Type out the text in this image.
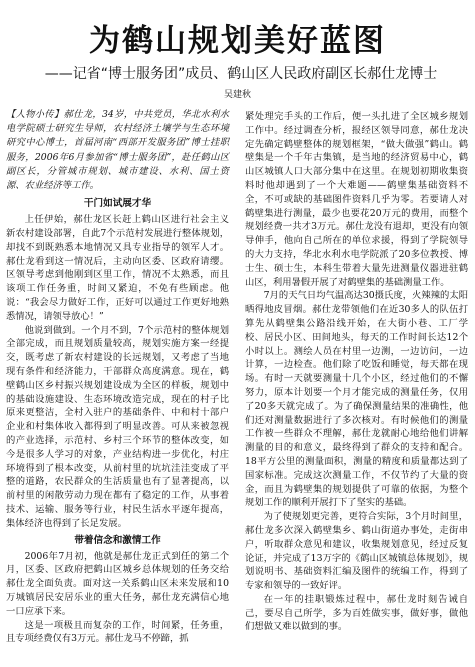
为鹤山规划美好蓝图
——记省“博士服务团”成员、鹤山区人民政府副区长郝仕龙博士
吴建秋

【人物小传】郝仕龙，34岁，中共党员，华北水利水电学院硕士研究生导师，农村经济土壤学与生态环境研究中心博士，首届河南“西部开发服务团”博士挂职服务，2006年6月参加省“博士服务团”，赴任鹤山区副区长，分管城市规划、城市建设、水利、国土资源、农业经济等工作。

干门如试展才华

上任伊始，郝仕龙区长赶上鹤山区进行社会主义新农村建设部署，自此7个示范村发展进行整体规划，却找不到既熟悉本地情况又具专业指导的领军人才。郝仕龙看到这一情况后，主动向区委、区政府请缨。区领导考虑到他刚到区里工作，情况不太熟悉，而且该项工作任务重，时间又紧迫，不免有些顾虑。他说：“我会尽力做好工作，正好可以通过工作更好地熟悉情况，请领导放心！”

他说到做到。一个月不到，7个示范村的整体规划全部完成，而且规划质量较高，规划实施方案一经提交，既考虑了新农村建设的长远规划，又考虑了当地现有条件和经济能力，干部群众高度满意。现在，鹤壁鹤山区乡村振兴规划建设成为全区的样板，规划中的基础设施建设、生态环境改造完成，现在的村子比原来更整洁，全村入驻户的基础条件、中和村十部户企业和村集体收入都得到了明显改善。可从来被忽视的产业选择，示范村、乡村三个环节的整体改变，如今是很多人学习的对象，产业结构进一步优化，村庄环境得到了根本改变，从前村里的坑坑洼洼变成了平整的道路，农民群众的生活质量也有了显著提高，以前村里的闲散劳动力现在都有了稳定的工作，从事着技术、运输、服务等行业，村民生活水平逐年提高，集体经济也得到了长足发展。

带着信念和激情工作

2006年7月初，他就是郝仕龙正式到任的第二个月，区委、区政府把鹤山区城乡总体规划的任务交给郝仕龙全面负责。面对这一关系鹤山区未来发展和10万城镇居民安居乐业的重大任务，郝仕龙充满信心地一口应承下来。

这是一项极且而复杂的工作，时间紧，任务重，且专项经费仅有3万元。郝仕龙马不停蹄，抓

紧处理完手头的工作后，便一头扎进了全区城乡规划工作中。经过调查分析，报经区领导同意，郝仕龙决定先确定鹤壁整体的规划框架，“做大做强”鹤山。鹤壁集是一个千年古集镇，是当地的经济贸易中心，鹤山区城镇人口大部分集中在这里。在规划初期收集资料时他却遇到了一个大难题——鹤壁集基础资料不全，不可或缺的基础图件资料几乎为零。若要请人对鹤壁集进行测量，最少也要花20万元的费用，而整个规划经费一共才3万元。郝仕龙没有退却，更没有向领导伸手，他向自己所在的单位求援，得到了学院领导的大力支持，华北水利水电学院派了20多位教授、博士生、硕士生，本科生带着大量先进测量仪器进驻鹤山区，利用暑假开展了对鹤壁集的基础测量工作。

7月的天气日均气温高达30摄氏度，火辣辣的太阳晒得地皮冒烟。郝仕龙带领他们在近30多人的队伍打算先从鹤壁集公路沿线开始，在大街小巷、工厂学校、居民小区、田间地头，每天的工作时间长达12个小时以上。测绘人员在村里一边测，一边访问，一边计算，一边检查。他们除了吃饭和睡觉，每天都在现场。有时一天就要测量十几个小区，经过他们的不懈努力，原本计划要一个月才能完成的测量任务，仅用了20多天就完成了。为了确保测量结果的准确性，他们还对测量数据进行了多次核对。有时候他们的测量工作被一些群众不理解，郝仕龙就耐心地给他们讲解测量的目的和意义，最终得到了群众的支持和配合。18平方公里的测量面积，测量的精度和质量都达到了国家标准。完成这次测量工作，不仅节约了大量的资金，而且为鹤壁集的规划提供了可靠的依据，为整个规划工作的顺利开展打下了坚实的基础。

为了使规划更完善，更符合实际，3个月时间里，郝仕龙多次深入鹤壁集乡、鹤山街道办事处，走街串户，听取群众意见和建议，收集规划意见，经过反复论证，并完成了13万字的《鹤山区城镇总体规划》，规划说明书、基础资料汇编及图件的统编工作，得到了专家和领导的一致好评。

在一年的挂职锻炼过程中，郝仕龙时刻告诫自己，要尽自己所学，多为百姓做实事，做好事，做他们想做又难以做到的事。
